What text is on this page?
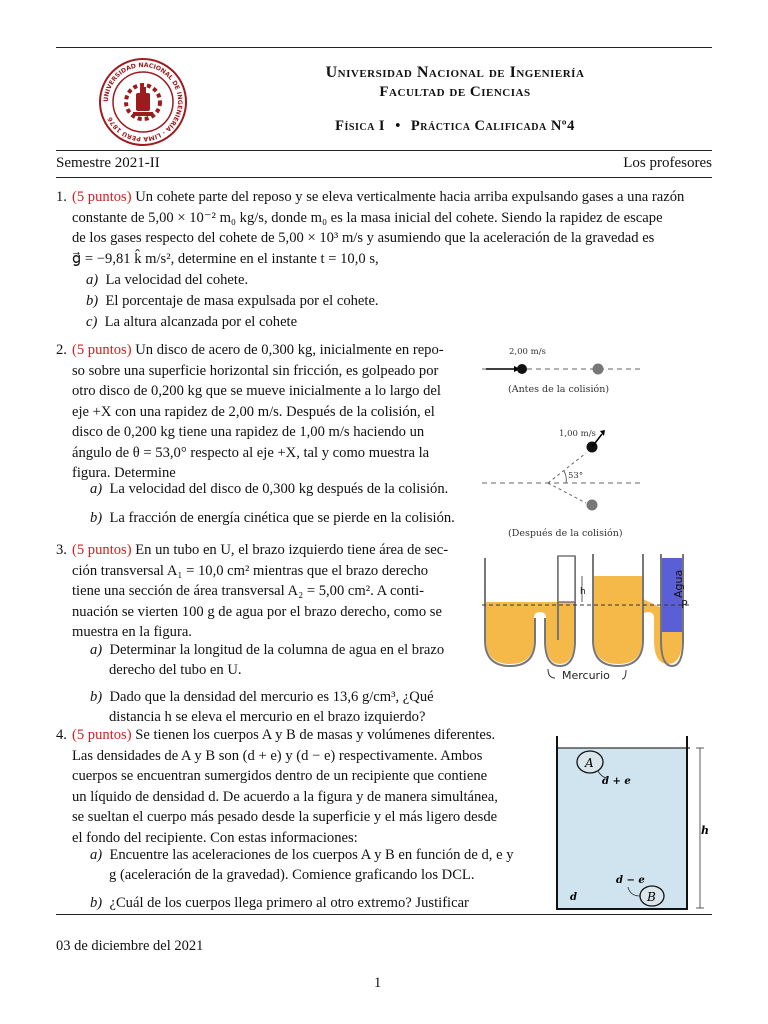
UNIVERSIDAD NACIONAL DE INGENIERÍA · LIMA PERÚ 1876
Universidad Nacional de Ingeniería
Facultad de Ciencias
Física I • Práctica Calificada Nº4
Semestre 2021-II	Los profesores
1. (5 puntos) Un cohete parte del reposo y se eleva verticalmente hacia arriba expulsando gases a una razón
constante de 5,00 × 10⁻² m₀ kg/s, donde m₀ es la masa inicial del cohete. Siendo la rapidez de escape
de los gases respecto del cohete de 5,00 × 10³ m/s y asumiendo que la aceleración de la gravedad es
g⃗ = −9,81 k̂ m/s², determine en el instante t = 10,0 s,
a) La velocidad del cohete.
b) El porcentaje de masa expulsada por el cohete.
c) La altura alcanzada por el cohete
2. (5 puntos) Un disco de acero de 0,300 kg, inicialmente en repo-
so sobre una superficie horizontal sin fricción, es golpeado por
otro disco de 0,200 kg que se mueve inicialmente a lo largo del
eje +X con una rapidez de 2,00 m/s. Después de la colisión, el
disco de 0,200 kg tiene una rapidez de 1,00 m/s haciendo un
ángulo de θ = 53,0° respecto al eje +X, tal y como muestra la
figura. Determine
a) La velocidad del disco de 0,300 kg después de la colisión.
b) La fracción de energía cinética que se pierde en la colisión.
2,00 m/s
(Antes de la colisión)
1,00 m/s
53°
(Después de la colisión)
3. (5 puntos) En un tubo en U, el brazo izquierdo tiene área de sec-
ción transversal A₁ = 10,0 cm² mientras que el brazo derecho
tiene una sección de área transversal A₂ = 5,00 cm². A conti-
nuación se vierten 100 g de agua por el brazo derecho, como se
muestra en la figura.
a) Determinar la longitud de la columna de agua en el brazo
derecho del tubo en U.
b) Dado que la densidad del mercurio es 13,6 g/cm³, ¿Qué
distancia h se eleva el mercurio en el brazo izquierdo?
h
P
Agua
Mercurio
4. (5 puntos) Se tienen los cuerpos A y B de masas y volúmenes diferentes.
Las densidades de A y B son (d + e) y (d − e) respectivamente. Ambos
cuerpos se encuentran sumergidos dentro de un recipiente que contiene
un líquido de densidad d. De acuerdo a la figura y de manera simultánea,
se sueltan el cuerpo más pesado desde la superficie y el más ligero desde
el fondo del recipiente. Con estas informaciones:
a) Encuentre las aceleraciones de los cuerpos A y B en función de d, e y
g (aceleración de la gravedad). Comience graficando los DCL.
b) ¿Cuál de los cuerpos llega primero al otro extremo? Justificar
A
d + e
B
d − e
d
h
03 de diciembre del 2021
1
